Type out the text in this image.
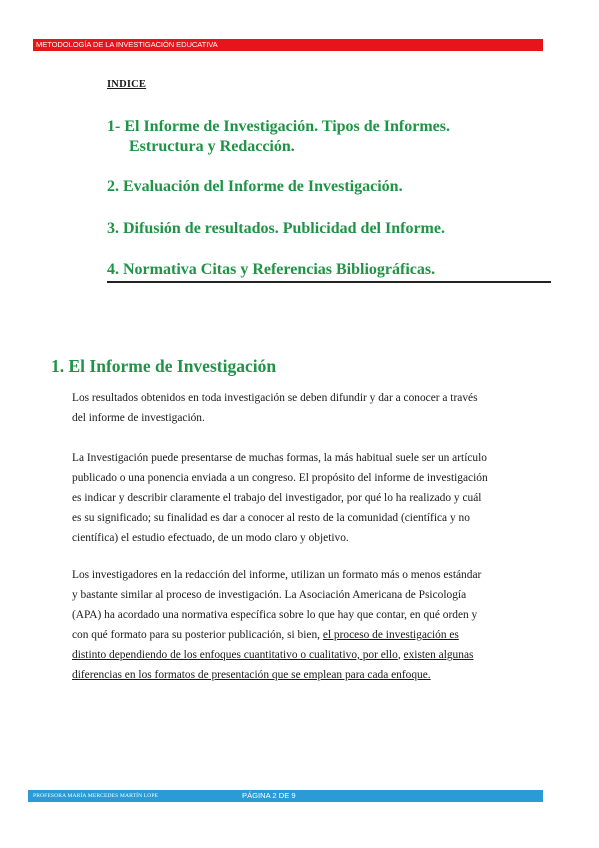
METODOLOGÍA DE LA INVESTIGACIÓN EDUCATIVA
INDICE
1- El Informe de Investigación. Tipos de Informes.
Estructura y Redacción.
2. Evaluación del Informe de Investigación.
3. Difusión de resultados. Publicidad del Informe.
4. Normativa Citas y Referencias Bibliográficas.
1. El Informe de Investigación

Los resultados obtenidos en toda investigación se deben difundir y dar a conocer a través
del informe de investigación.

La Investigación puede presentarse de muchas formas, la más habitual suele ser un artículo
publicado o una ponencia enviada a un congreso. El propósito del informe de investigación
es indicar y describir claramente el trabajo del investigador, por qué lo ha realizado y cuál
es su significado; su finalidad es dar a conocer al resto de la comunidad (científica y no
científica) el estudio efectuado, de un modo claro y objetivo.

Los investigadores en la redacción del informe, utilizan un formato más o menos estándar
y bastante similar al proceso de investigación. La Asociación Americana de Psicología
(APA) ha acordado una normativa específica sobre lo que hay que contar, en qué orden y
con qué formato para su posterior publicación, si bien, el proceso de investigación es
distinto dependiendo de los enfoques cuantitativo o cualitativo, por ello, existen algunas
diferencias en los formatos de presentación que se emplean para cada enfoque.

PROFESORA MARÍA MERCEDES MARTÍN LOPE	PÁGINA 2 DE 9
